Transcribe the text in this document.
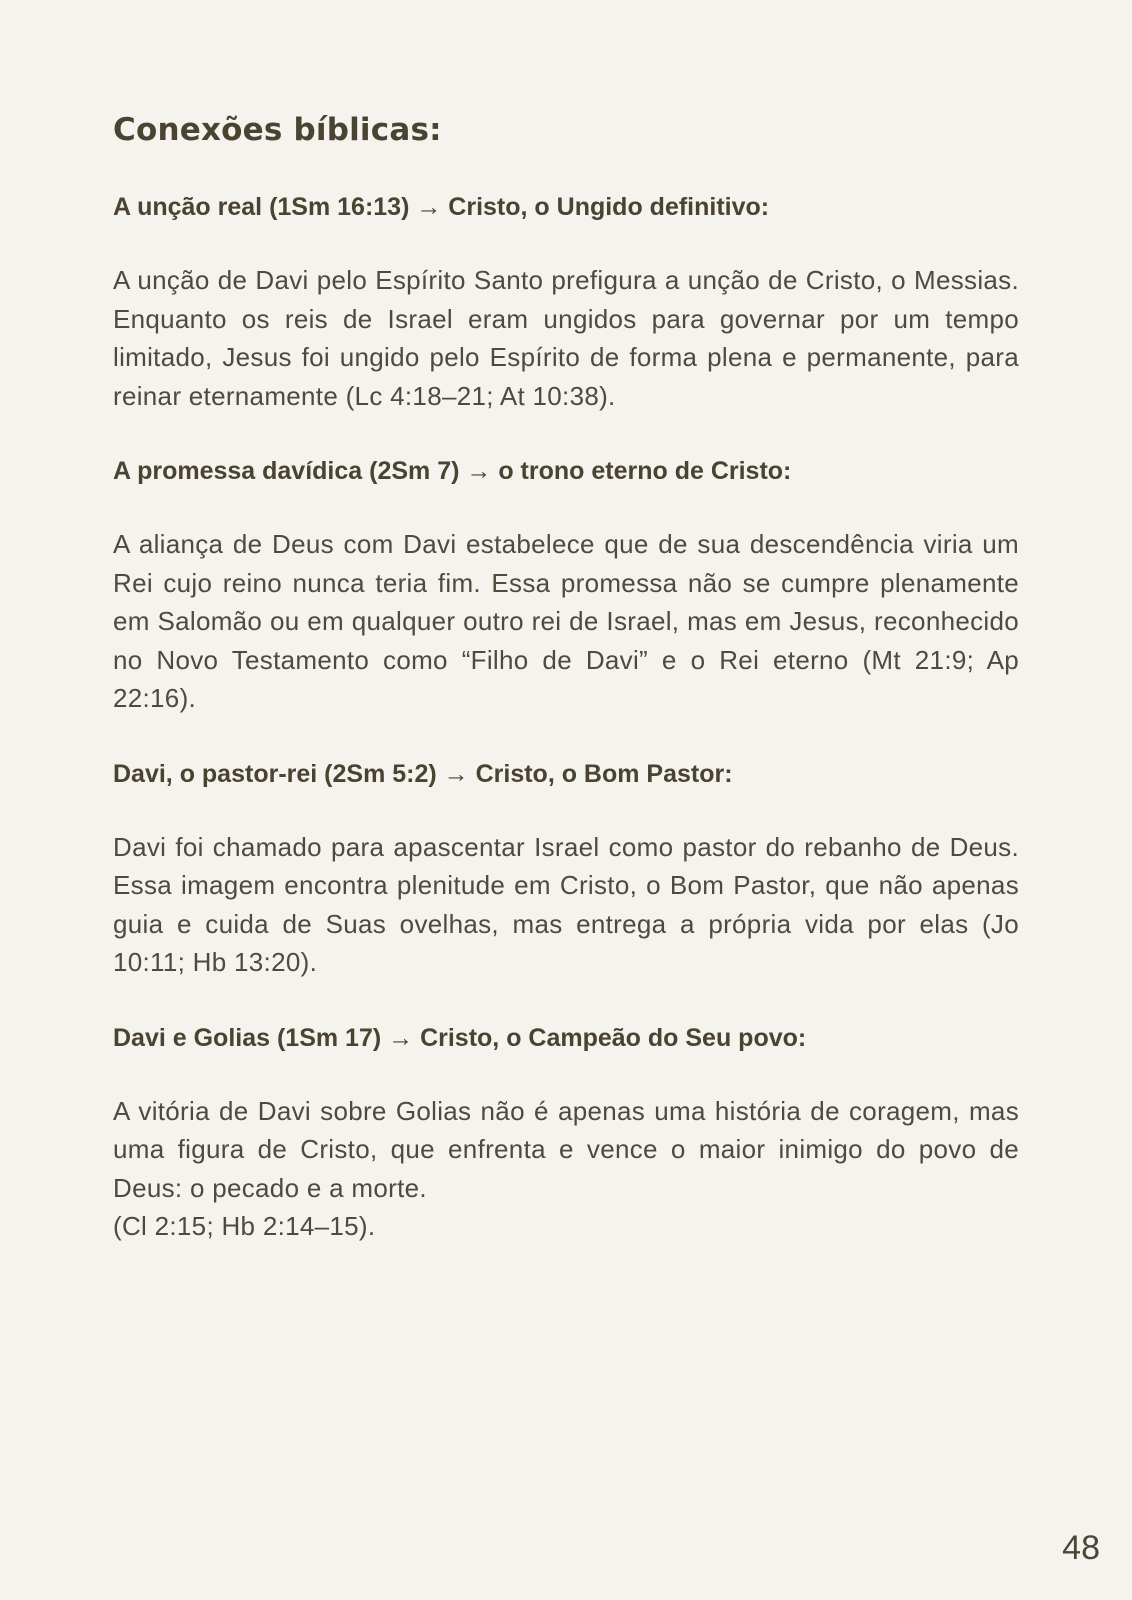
Conexões bíblicas:
A unção real (1Sm 16:13) → Cristo, o Ungido definitivo:

A unção de Davi pelo Espírito Santo prefigura a unção de Cristo, o Messias. Enquanto os reis de Israel eram ungidos para governar por um tempo limitado, Jesus foi ungido pelo Espírito de forma plena e permanente, para reinar eternamente (Lc 4:18–21; At 10:38).

A promessa davídica (2Sm 7) → o trono eterno de Cristo:

A aliança de Deus com Davi estabelece que de sua descendência viria um Rei cujo reino nunca teria fim. Essa promessa não se cumpre plenamente em Salomão ou em qualquer outro rei de Israel, mas em Jesus, reconhecido no Novo Testamento como “Filho de Davi” e o Rei eterno (Mt 21:9; Ap 22:16).

Davi, o pastor-rei (2Sm 5:2) → Cristo, o Bom Pastor:

Davi foi chamado para apascentar Israel como pastor do rebanho de Deus. Essa imagem encontra plenitude em Cristo, o Bom Pastor, que não apenas guia e cuida de Suas ovelhas, mas entrega a própria vida por elas (Jo 10:11; Hb 13:20).

Davi e Golias (1Sm 17) → Cristo, o Campeão do Seu povo:

A vitória de Davi sobre Golias não é apenas uma história de coragem, mas uma figura de Cristo, que enfrenta e vence o maior inimigo do povo de Deus: o pecado e a morte.
(Cl 2:15; Hb 2:14–15).

48
